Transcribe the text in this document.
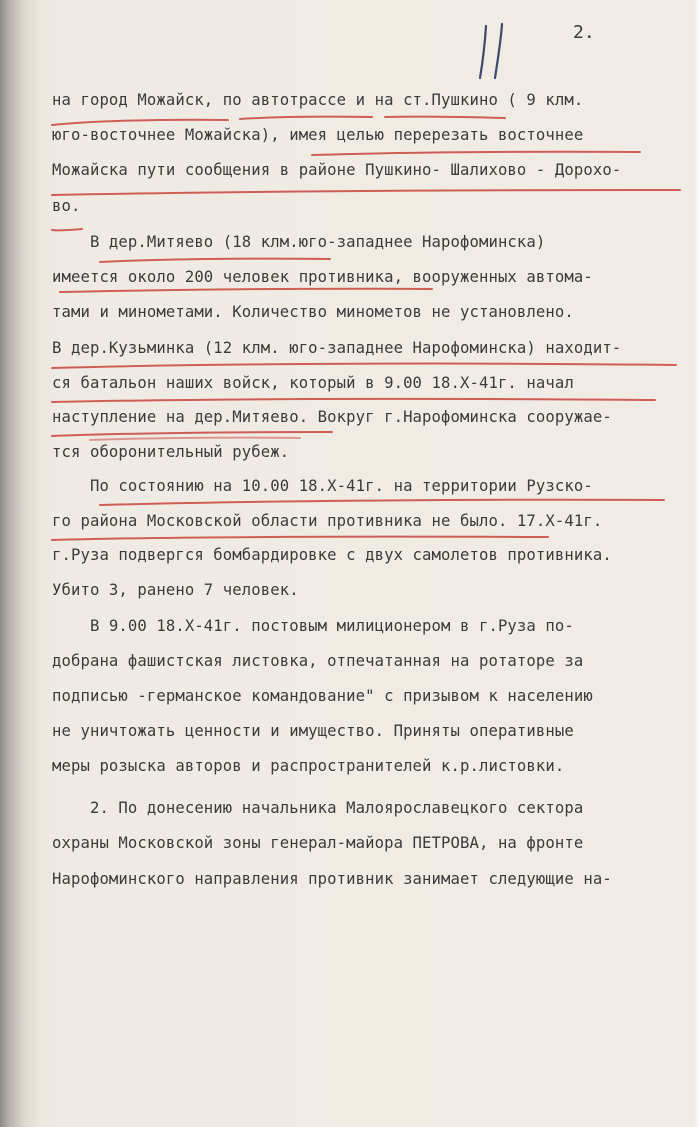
2.
на город Можайск, по автотрассе и на ст.Пушкино ( 9 клм.
юго-восточнее Можайска), имея целью перерезать восточнее
Можайска пути сообщения в районе Пушкино- Шалихово - Дорохо-
во.
В дер.Митяево (18 клм.юго-западнее Нарофоминска)
имеется около 200 человек противника, вооруженных автома-
тами и минометами. Количество минометов не установлено.
В дер.Кузьминка (12 клм. юго-западнее Нарофоминска) находит-
ся батальон наших войск, который в 9.00 18.Х-41г. начал
наступление на дер.Митяево. Вокруг г.Нарофоминска сооружае-
тся оборонительный рубеж.
По состоянию на 10.00 18.Х-41г. на территории Рузско-
го района Московской области противника не было. 17.Х-41г.
г.Руза подвергся бомбардировке с двух самолетов противника.
Убито 3, ранено 7 человек.
В 9.00 18.Х-41г. постовым милиционером в г.Руза по-
добрана фашистская листовка, отпечатанная на ротаторе за
подписью -германское командование" с призывом к населению
не уничтожать ценности и имущество. Приняты оперативные
меры розыска авторов и распространителей к.р.листовки.
2. По донесению начальника Малоярославецкого сектора
охраны Московской зоны генерал-майора ПЕТРОВА, на фронте
Нарофоминского направления противник занимает следующие на-
